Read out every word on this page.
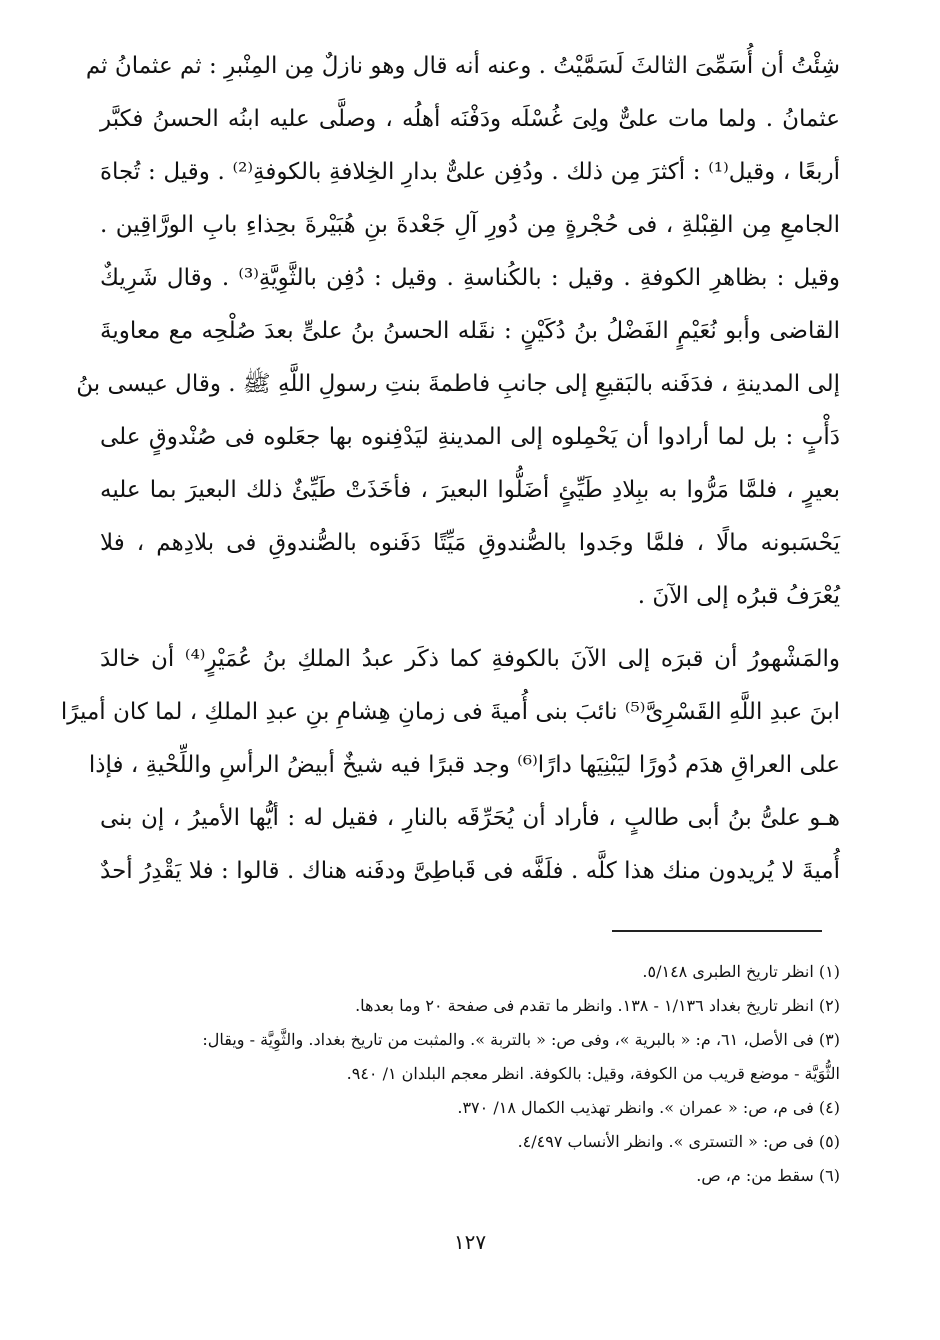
شِئْتُ أن أُسَمِّىَ الثالثَ لَسَمَّيْتُ . وعنه أنه قال وهو نازلٌ مِن المِنْبرِ : ثم عثمانُ ثم
عثمانُ . ولما مات علىٌّ ولِىَ غُسْلَه ودَفْنَه أهلُه ، وصلَّى عليه ابنُه الحسنُ فكبَّر
أربعًا ، وقيل⁽¹⁾ : أكثرَ مِن ذلك . ودُفِن علىٌّ بدارِ الخِلافةِ بالكوفةِ⁽²⁾ . وقيل : تُجاهَ
الجامعِ مِن القِبْلةِ ، فى حُجْرةٍ مِن دُورِ آلِ جَعْدةَ بنِ هُبَيْرةَ بحِذاءِ بابِ الورَّاقِين .
وقيل : بظاهرِ الكوفةِ . وقيل : بالكُناسةِ . وقيل : دُفِن بالثَّوِيَّةِ⁽³⁾ . وقال شَرِيكٌ
القاضى وأبو نُعَيْمٍ الفَضْلُ بنُ دُكَيْنٍ : نقَله الحسنُ بنُ علىٍّ بعدَ صُلْحِه مع معاويةَ
إلى المدينةِ ، فدَفَنه بالبَقيعِ إلى جانبِ فاطمةَ بنتِ رسولِ اللَّهِ ﷺ . وقال عيسى بنُ
دَأْبٍ : بل لما أرادوا أن يَحْمِلوه إلى المدينةِ ليَدْفِنوه بها جعَلوه فى صُنْدوقٍ على
بعيرٍ ، فلمَّا مَرُّوا به ببِلادِ طَيِّئٍ أضَلُّوا البعيرَ ، فأخَذَتْ طَيِّئٌ ذلك البعيرَ بما عليه
يَحْسَبونه مالًا ، فلمَّا وجَدوا بالصُّندوقِ مَيِّتًا دَفَنوه بالصُّندوقِ فى بلادِهم ، فلا
يُعْرَفُ قبرُه إلى الآنَ .
والمَشْهورُ أن قبرَه إلى الآنَ بالكوفةِ كما ذكَر عبدُ الملكِ بنُ عُمَيْرٍ⁽⁴⁾ أن خالدَ
ابنَ عبدِ اللَّهِ القَسْرِىَّ⁽⁵⁾ نائبَ بنى أُميةَ فى زمانِ هِشامِ بنِ عبدِ الملكِ ، لما كان أميرًا
على العراقِ هدَم دُورًا ليَبْنِيَها دارًا⁽⁶⁾ وجد قبرًا فيه شيخٌ أبيضُ الرأسِ واللِّحْيةِ ، فإذا
هـو علىُّ بنُ أبى طالبٍ ، فأراد أن يُحَرِّقَه بالنارِ ، فقيل له : أيُّها الأميرُ ، إن بنى
أُميةَ لا يُريدون منك هذا كلَّه . فلَفَّه فى قَباطِىَّ ودفَنه هناك . قالوا : فلا يَقْدِرُ أحدٌ

(١) انظر تاريخ الطبرى ٥/١٤٨.

(٢) انظر تاريخ بغداد ١/١٣٦ - ١٣٨. وانظر ما تقدم فى صفحة ٢٠ وما بعدها.

(٣) فى الأصل، ٦١، م: « بالبرية »، وفى ص: « بالتربة ». والمثبت من تاريخ بغداد. والثَّوِيَّة - ويقال:

الثُّوَيَّة - موضع قريب من الكوفة، وقيل: بالكوفة. انظر معجم البلدان ١/ ٩٤٠.

(٤) فى م، ص: « عمران ». وانظر تهذيب الكمال ١٨/ ٣٧٠.

(٥) فى ص: « التسترى ». وانظر الأنساب ٤/٤٩٧.

(٦) سقط من: م، ص.

١٢٧
